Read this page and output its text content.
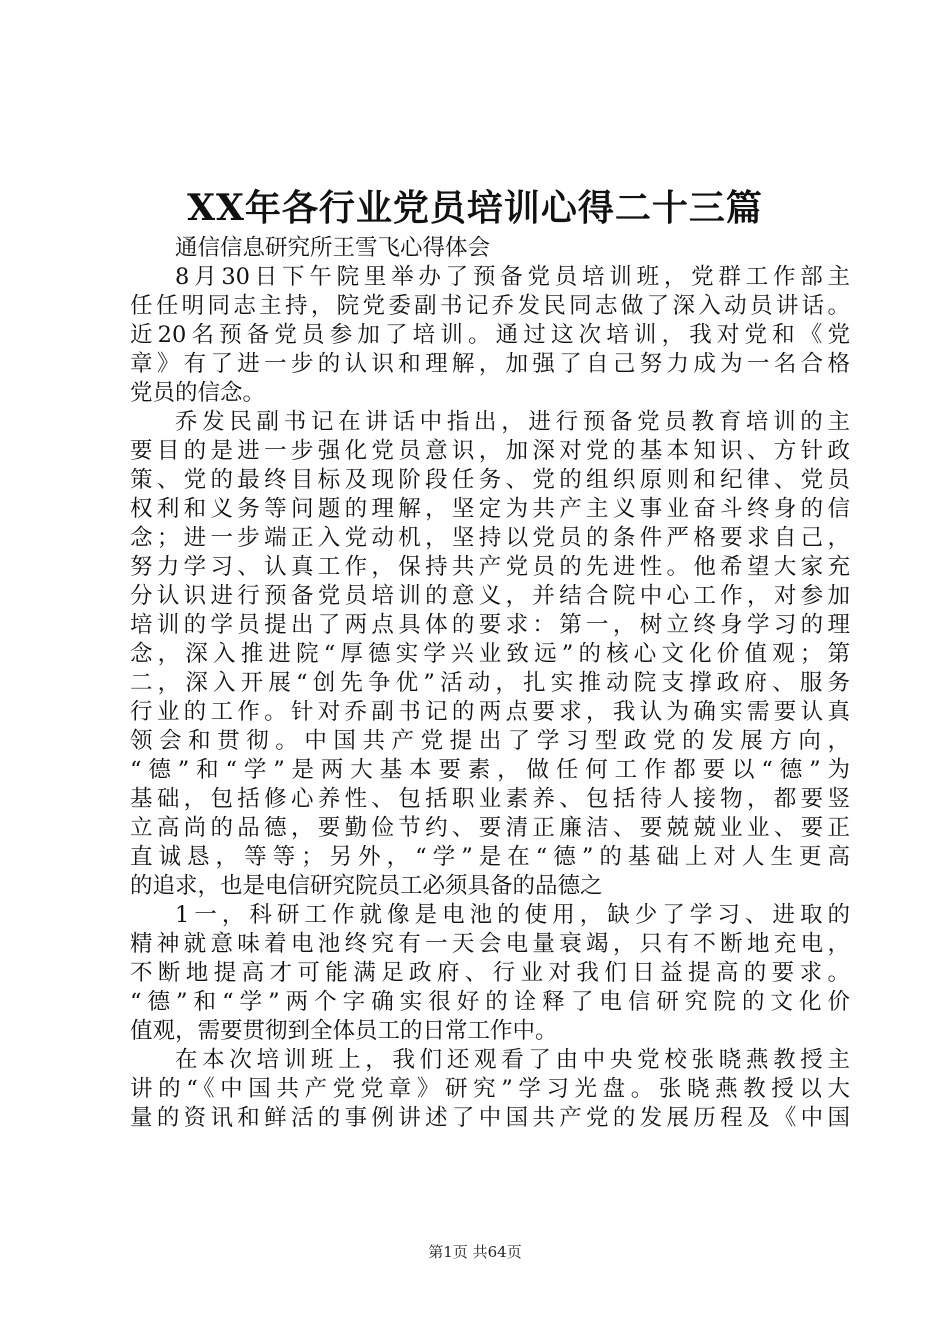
XX年各行业党员培训心得二十三篇
通信信息研究所王雪飞心得体会
8月30日下午院里举办了预备党员培训班，党群工作部主
任任明同志主持，院党委副书记乔发民同志做了深入动员讲话。
近20名预备党员参加了培训。通过这次培训，我对党和《党
章》有了进一步的认识和理解，加强了自己努力成为一名合格
党员的信念。
乔发民副书记在讲话中指出，进行预备党员教育培训的主
要目的是进一步强化党员意识，加深对党的基本知识、方针政
策、党的最终目标及现阶段任务、党的组织原则和纪律、党员
权利和义务等问题的理解，坚定为共产主义事业奋斗终身的信
念；进一步端正入党动机，坚持以党员的条件严格要求自己，
努力学习、认真工作，保持共产党员的先进性。他希望大家充
分认识进行预备党员培训的意义，并结合院中心工作，对参加
培训的学员提出了两点具体的要求：第一，树立终身学习的理
念，深入推进院“厚德实学兴业致远”的核心文化价值观；第
二，深入开展“创先争优”活动，扎实推动院支撑政府、服务
行业的工作。针对乔副书记的两点要求，我认为确实需要认真
领会和贯彻。中国共产党提出了学习型政党的发展方向，
“德”和“学”是两大基本要素，做任何工作都要以“德”为
基础，包括修心养性、包括职业素养、包括待人接物，都要竖
立高尚的品德，要勤俭节约、要清正廉洁、要兢兢业业、要正
直诚恳，等等；另外，“学”是在“德”的基础上对人生更高
的追求，也是电信研究院员工必须具备的品德之
1一，科研工作就像是电池的使用，缺少了学习、进取的
精神就意味着电池终究有一天会电量衰竭，只有不断地充电，
不断地提高才可能满足政府、行业对我们日益提高的要求。
“德”和“学”两个字确实很好的诠释了电信研究院的文化价
值观，需要贯彻到全体员工的日常工作中。
在本次培训班上，我们还观看了由中央党校张晓燕教授主
讲的“《中国共产党党章》研究”学习光盘。张晓燕教授以大
量的资讯和鲜活的事例讲述了中国共产党的发展历程及《中国
第1页 共64页
